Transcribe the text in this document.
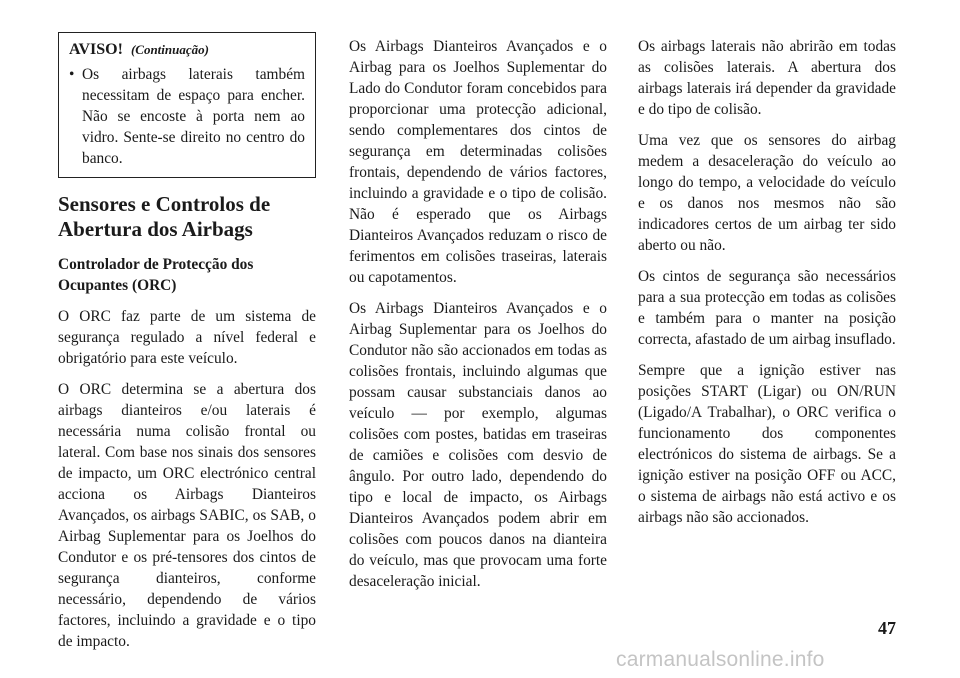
AVISO! (Continuação)
• Os airbags laterais também necessitam de espaço para encher. Não se encoste à porta nem ao vidro. Sente-se direito no centro do banco.
Sensores e Controlos de Abertura dos Airbags
Controlador de Protecção dos Ocupantes (ORC)

O ORC faz parte de um sistema de segurança regulado a nível federal e obrigatório para este veículo.

O ORC determina se a abertura dos airbags dianteiros e/ou laterais é necessária numa colisão frontal ou lateral. Com base nos sinais dos sensores de impacto, um ORC electrónico central acciona os Airbags Dianteiros Avançados, os airbags SABIC, os SAB, o Airbag Suplementar para os Joelhos do Condutor e os pré-tensores dos cintos de segurança dianteiros, conforme necessário, dependendo de vários factores, incluindo a gravidade e o tipo de impacto.

Os Airbags Dianteiros Avançados e o Airbag para os Joelhos Suplementar do Lado do Condutor foram concebidos para proporcionar uma protecção adicional, sendo complementares dos cintos de segurança em determinadas colisões frontais, dependendo de vários factores, incluindo a gravidade e o tipo de colisão. Não é esperado que os Airbags Dianteiros Avançados reduzam o risco de ferimentos em colisões traseiras, laterais ou capotamentos.

Os Airbags Dianteiros Avançados e o Airbag Suplementar para os Joelhos do Condutor não são accionados em todas as colisões frontais, incluindo algumas que possam causar substanciais danos ao veículo — por exemplo, algumas colisões com postes, batidas em traseiras de camiões e colisões com desvio de ângulo. Por outro lado, dependendo do tipo e local de impacto, os Airbags Dianteiros Avançados podem abrir em colisões com poucos danos na dianteira do veículo, mas que provocam uma forte desaceleração inicial.

Os airbags laterais não abrirão em todas as colisões laterais. A abertura dos airbags laterais irá depender da gravidade e do tipo de colisão.

Uma vez que os sensores do airbag medem a desaceleração do veículo ao longo do tempo, a velocidade do veículo e os danos nos mesmos não são indicadores certos de um airbag ter sido aberto ou não.

Os cintos de segurança são necessários para a sua protecção em todas as colisões e também para o manter na posição correcta, afastado de um airbag insuflado.

Sempre que a ignição estiver nas posições START (Ligar) ou ON/RUN (Ligado/A Trabalhar), o ORC verifica o funcionamento dos componentes electrónicos do sistema de airbags. Se a ignição estiver na posição OFF ou ACC, o sistema de airbags não está activo e os airbags não são accionados.

47
carmanualsonline.info
